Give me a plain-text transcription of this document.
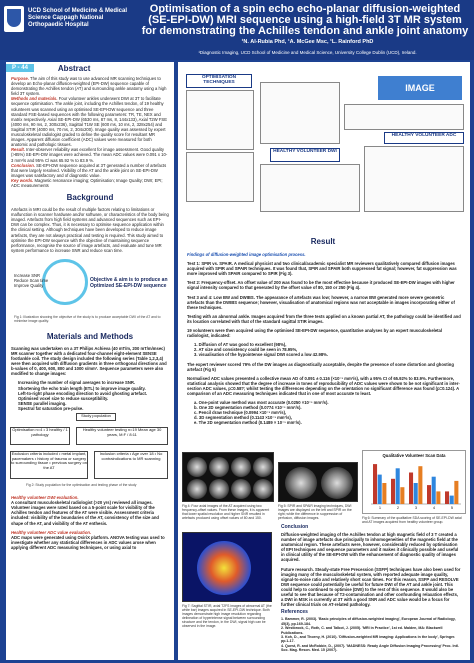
UCD School of Medicine & Medical Science Cappagh National Orthopaedic Hospital
Optimisation of a spin echo echo-planar diffusion-weighted (SE-EPI-DW) MRI sequence using a high-field 3T MR system for demonstrating the Achilles tendon and ankle joint anatomy
¹N. Al-Rubia Phd, ¹A. McGee Msc, ¹L. Rainford PhD
¹Diagnostic Imaging, UCD School of Medicine and Medical Science, University College Dublin (UCD), Ireland.
P - 44	Abstract

Purpose. The aim of this study was to use advanced MR scanning techniques to develop an Echo-planar diffusion-weighted (EPI-DW) sequence capable of demonstrating the Achilles tendon (AT) and surrounding ankle anatomy using a high field 3T system.

Methods and materials. Four volunteer ankles underwent DWI at 3T to facilitate sequence optimisation. The ankle joint, including the Achilles tendon, of 19 healthy volunteers was scanned using an optimised SE-EPI-DW sequence and three standard FSE-based sequences with the following parameters: TR, TE, NEX and matrix respectively. Axial SE-EPI-DW (6530 ms, 87 ms, 8, 144x133), Axial T2W FSE (4000 ms, 90 ms, 2, 300x236), Sagittal T1W SE (600 ms, 10 ms, 2, 328x254) and Sagittal STIR (4000 ms, 70 ms, 2, 304x200). Image quality was assessed by expert musculoskeletal radiologist graded to define the quality score for resultant MR images. Apparent diffusion coefficient (ADC) values were measured for both anatomic and pathologic tissues.

Result. Inter-observer reliability was excellent for image assessment. Good quality (>85%) SE-EPI-DW images were achieved. The mean ADC values were 0.091 x 10-3 mm²/s and 95% Cl was 65.92 % to 83.9 %.

Conclusion. SE-EPI-DW sequence acquired at 3T generated a number of artefacts that were largely resolved. Visibility of the AT and the ankle joint on SE-EPI-DW images was satisfactory and of diagnostic value.

Key words. Magnetic resonance imaging; Optimisation; Image Quality; DWI; EPI; ADC measurements

Background
Artefacts in MRI could be the result of multiple factors relating to limitations or malfunction in scanner hardware and/or software, or characteristics of the body being imaged. Artefacts from high field systems and advanced sequences such as EPI-DWI can be complex. Thus, it is necessary to optimise sequence application within the clinical setting. Although techniques have been developed to reduce image artefacts, they are not always practical and testing is required. This study aimed to optimise the EPI-DW sequence with the objective of maintaining sequence performance, recognise the source of image artefacts, and evaluate and tune MR system performance to increase SNR and reduce scan time.
Increase SNR
Reduce Scan time
Improve Quality
Objective & aim is to produce an Optimized SE-EPI-DW sequence
Fig 1: Illustration showing the objective of the study is to produce acceptable DWI of the AT and to minimise image quality.
Materials and Methods
Scanning was undertaken on a 3T Philips Achieva (40 mT/m, 200 mT/m/msec) MR scanner together with a dedicated four-channel eight-element SENSE foot/ankle coil. The study design included the following series (Table 1,2,3,4) were then acquired with diffusion gradients in three orthogonal directions and b-values of 0, 400, 600, 800 and 1000 s/mm². Sequence parameters were also modified to change images:
Increasing the number of signal averages to increase SNR.
Shortening the echo train length (ETL) to improve image quality.
Left-to-right phase encoding direction to avoid ghosting artefact.
Optimised voxel size to reduce susceptibility.
SENSE parallel imaging.
Spectral fat saturation pre-pulse.
Study population
Optimisation n=4 • 3 healthy / 1 pathology
Healthy volunteer testing n=19 Mean age 30 years, M:F / 8:11
Exclusion criteria included • metal implant, pacemakers • history of trauma or surgery to surrounding tissue • previous surgery on the AT
Inclusion criteria • Age over 18 • No contraindications to MR scanning
Fig 2: Study population for the optimisation and testing phase of the study
Healthy volunteer DWI evaluation.
A consultant musculoskeletal radiologist (>20 yrs) reviewed all images. Volunteer images were rated based on a 5-point scale for visibility of the Achilles tendon and features of the AT were visible. Assessment criteria included: visibility of the boundaries of the AT, consistency of the size and shape of the AT, and visibility of the AT enthesis.
Healthy volunteer ADC value evaluation.
ADC maps were generated using OsiriX platform. ANOVA testing was used to investigate whether any statistical differences in ADC values arose when applying different ADC measuring techniques, or using axial to
OPTIMISATION TECHNIQUES
IMAGE
HEALTHY VOLUNTEER DWI
HEALTHY VOLUNTEER ADC
Result
Findings of diffusion-weighted image optimisation process.
Test 1: SPIR vs. SPAIR. A medical physicist and two clinical/academic specialist MR reviewers qualitatively compared diffusion images acquired with SPIR and SPAIR techniques. It was found that, SPIR and SPAIR both suppressed fat signal; however, fat suppression was more improved with SPAIR compared to SPIR (Fig 3).
Test 2: Frequency-offset. An offset value of 200 was found to be the most effective because it produced SE-EPI-DW images with higher signal intensity compared to that generated by the offset value of 80, 150 or 250 (Fig 4).
Test 3 and 4: Low BW and DWIBS. The appearance of artefacts was low; however, a narrow BW generated more severe geometric artefacts than the DWIBS sequence; however, visualisation of anatomical regions was not acceptable in images incorporating either of these techniques.
Testing with an abnormal ankle. Images acquired from the three tests applied on a known partial AT, the pathology could be identified and its location correlated with that of the standard sagittal STIR images.
19 volunteers were then acquired using the optimised SE-EPI-DW sequence, quantitative analyses by an expert musculoskeletal radiologist, indicated:
1. Diffusion of AT was good to excellent (98%),
2. AT size and consistency could be seen in 78.95%,
3. visualisation of the hypointense signal DWI scored a low 42.98%.
The expert reviewer scored 79% of the DW images as diagnostically acceptable, despite the presence of some distortion and ghosting artefact (Fig 5)
Normalised ADC values presented a collective mean AD of 0.091 ± 0.116 (×10⁻³ mm²/s), with a 95% CI of 65.92% to 83.9%. Furthermore, statistical analysis showed that the degree of increase in tones of reproducibility of ADC values were shown to be not significant in inter-section ADC values, p=0.58?; whilst testing the differences depending on the orientation no significant difference was found (p=0.124). A comparison of an ADC measuring techniques indicated that in one of most accurate to least.
a. One-point value method was most accurate (0.0250 ×10⁻³ mm²/s).
b. One 2D segmentation method (0.0774 ×10⁻³ mm²/s).
c. Pencil draw technique (0.0994 ×10⁻³ mm²/s),
d. 3D segmentation method (0.1143 ×10⁻³ mm²/s),
e. The 2D segmentation method (0.1489 × 10⁻³ mm²/s).
Fig 4: Four axial images of the AT acquired using two frequency-offset values. From these images, it is apparent that lower spatial resolution and higher SNR resulted in artefacts produced using offset values of 80 and 150.
Fig 5: SPIR and SPAIR imaging techniques, DWI images are displayed on the left and SPIR on the right; while the difference in suppression of perfusion, diffusion images.
Qualitative Volunteer Scan Data
1	2	3	4	5
Fig 6: Summary of the qualitative SDA scoring of SE-EPI-DW axial and AT images acquired from healthy volunteer group.
Fig 7: Sagittal STIR, axial T2FS images of abnormal AT (the white bar) images acquired in SE-EPI-DW technique. Both images demonstrate high image resolution regarding delineation of hyperintense signal between surrounding structure and the tendon, in the DWI, signal high can be observed in the image.
Conclusion
Diffusion-weighted imaging of the Achilles tendon at high magnetic field of 3 T created a number of image artefacts due principally to inhomogeneities of the magnetic field at the anatomical region. These artefacts were, however, considerably reduced by optimisation of EPI techniques and sequence parameters and it makes it clinically possible and useful in clinical utility of the SE-EPI-DW with the enhancement of diagnostic quality of images acquired.
Future research. Steady-state Free Precession (SSFP) techniques have also been used for imaging many of the musculoskeletal system, with reported adequate image quality, signal-to-noise ratio and relatively short scan times. For this reason, SSFP and RESOLVE DWI sequence could potentially be useful for future DWI of the AT and ankle joint. This could help to continued to optimise (DWI) to the rest of this sequence. It would also be useful to see that because of T2-contamination and other confounding relaxation effects, a DWI in MSK is currently at 3T with a good SNR and ADC value would be a focus for further clinical trials on AT-related pathology.
References
1. Bammer, R. (2003). 'Basic principles of diffusion-weighted imaging', European Journal of Radiology, 45(3), pp.169-184.
2. Westbrook, C., Roth, C. and Talbot, J. (2005). 'MRI in Practice', 1st ed. Malden, MA: Blackwell Publications.
3. Koh, D., and Thoeny, H. (2010). 'Diffusion-weighted MR imaging: Applications in the body', Springer. pp.1-17.
4. Quest, R. and McRobbie, D., (2007). 'MADNESS: Ready Angle Diffusion Imaging Processing' Proc. Intl. Soc. Mag. Reson. Med. 15 (2007).
